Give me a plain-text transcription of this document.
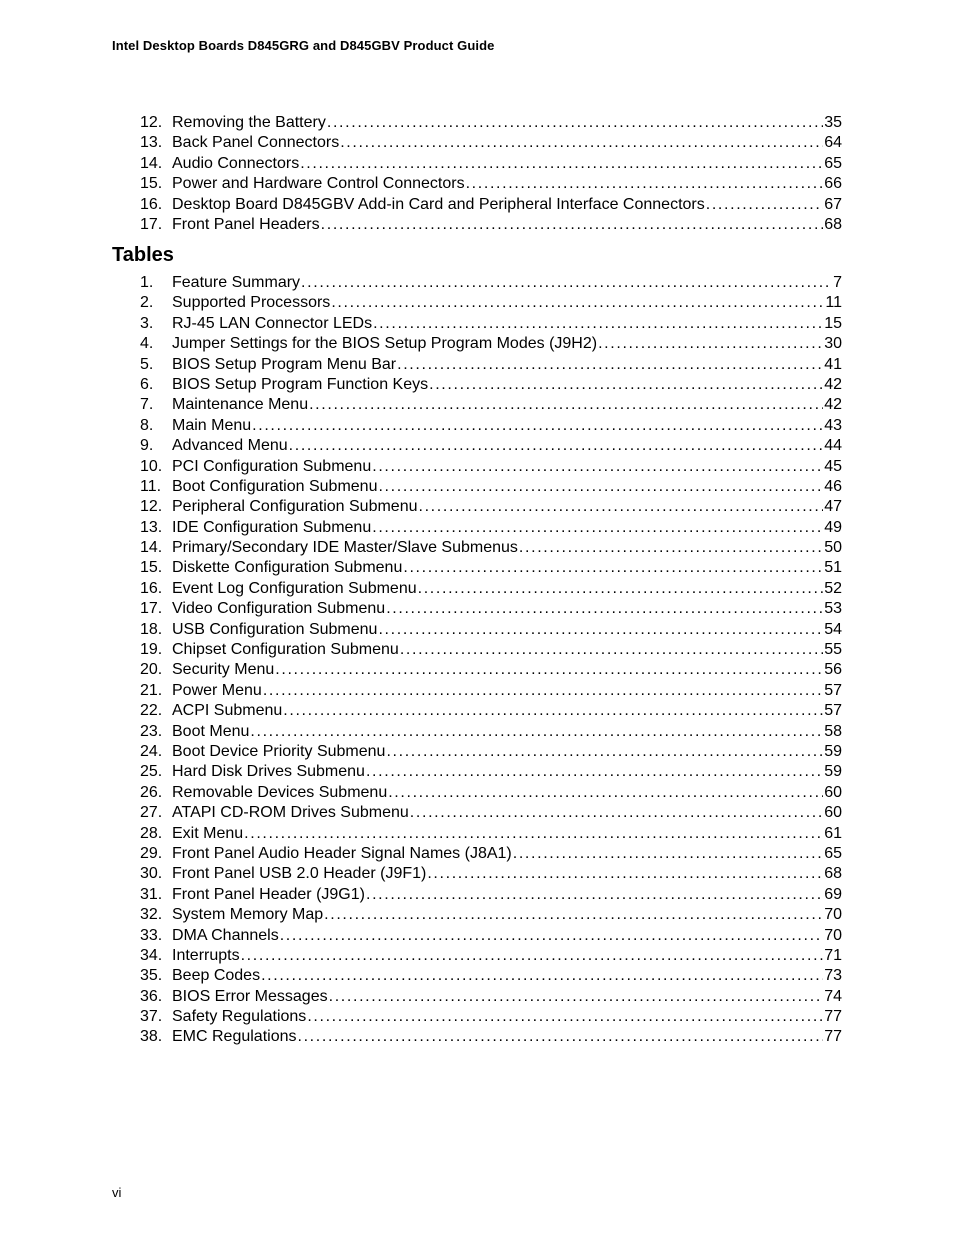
Intel Desktop Boards D845GRG and D845GBV Product Guide
12. Removing the Battery . . .	35
13. Back Panel Connectors . . .	64
14. Audio Connectors . . .	65
15. Power and Hardware Control Connectors . . .	66
16. Desktop Board D845GBV Add-in Card and Peripheral Interface Connectors . . .	67
17. Front Panel Headers . . .	68
Tables
1.	Feature Summary . . .	7
2.	Supported Processors . . .	11
3.	RJ-45 LAN Connector LEDs . . .	15
4.	Jumper Settings for the BIOS Setup Program Modes (J9H2) . . .	30
5.	BIOS Setup Program Menu Bar . . .	41
6.	BIOS Setup Program Function Keys . . .	42
7.	Maintenance Menu . . .	42
8.	Main Menu . . .	43
9.	Advanced Menu . . .	44
10. PCI Configuration Submenu . . .	45
11. Boot Configuration Submenu . . .	46
12. Peripheral Configuration Submenu . . .	47
13. IDE Configuration Submenu . . .	49
14. Primary/Secondary IDE Master/Slave Submenus . . .	50
15. Diskette Configuration Submenu . . .	51
16. Event Log Configuration Submenu . . .	52
17. Video Configuration Submenu . . .	53
18. USB Configuration Submenu . . .	54
19. Chipset Configuration Submenu . . .	55
20. Security Menu . . .	56
21. Power Menu . . .	57
22. ACPI Submenu . . .	57
23. Boot Menu . . .	58
24. Boot Device Priority Submenu . . .	59
25. Hard Disk Drives Submenu . . .	59
26. Removable Devices Submenu . . .	60
27. ATAPI CD-ROM Drives Submenu . . .	60
28. Exit Menu . . .	61
29. Front Panel Audio Header Signal Names (J8A1) . . .	65
30. Front Panel USB 2.0 Header (J9F1) . . .	68
31. Front Panel Header (J9G1) . . .	69
32. System Memory Map . . .	70
33. DMA Channels . . .	70
34. Interrupts . . .	71
35. Beep Codes . . .	73
36. BIOS Error Messages . . .	74
37. Safety Regulations . . .	77
38. EMC Regulations . . .	77
vi
